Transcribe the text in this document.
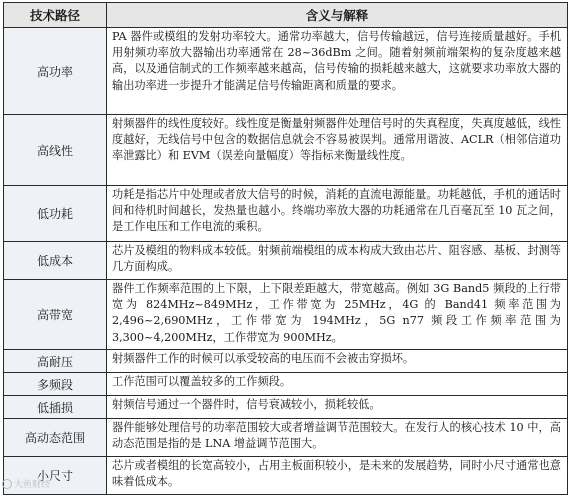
技术路径	含义与解释
高功率	PA 器件或模组的发射功率较大。通常功率越大，信号传输越远，信号连接质量越好。手机用射频功率放大器输出功率通常在 28~36dBm 之间。随着射频前端架构的复杂度越来越高，以及通信制式的工作频率越来越高，信号传输的损耗越来越大，这就要求功率放大器的输出功率进一步提升才能满足信号传输距离和质量的要求。
高线性	射频器件的线性度较好。线性度是衡量射频器件处理信号时的失真程度，失真度越低，线性度越好，无线信号中包含的数据信息就会不容易被误判。通常用谐波、ACLR（相邻信道功率泄露比）和 EVM（误差向量幅度）等指标来衡量线性度。
低功耗	功耗是指芯片中处理或者放大信号的时候，消耗的直流电源能量。功耗越低，手机的通话时间和待机时间越长，发热量也越小。终端功率放大器的功耗通常在几百毫瓦至 10 瓦之间，是工作电压和工作电流的乘积。
低成本	芯片及模组的物料成本较低。射频前端模组的成本构成大致由芯片、阻容感、基板、封测等几方面构成。
高带宽	器件工作频率范围的上下限，上下限差距越大，带宽越高。例如 3G Band5 频段的上行带宽为 824MHz~849MHz，工作带宽为 25MHz，4G 的 Band41 频率范围为 2,496~2,690MHz，工作带宽为 194MHz，5G n77 频段工作频率范围为 3,300~4,200MHz，工作带宽为 900MHz。
高耐压	射频器件工作的时候可以承受较高的电压而不会被击穿损坏。
多频段	工作范围可以覆盖较多的工作频段。
低插损	射频信号通过一个器件时，信号衰减较小，损耗较低。
高动态范围	器件能够处理信号的功率范围较大或者增益调节范围较大。在发行人的核心技术 10 中，高动态范围是指的是 LNA 增益调节范围大。
小尺寸	芯片或者模组的长宽高较小，占用主板面积较小，是未来的发展趋势，同时小尺寸通常也意味着低成本。
大鱼财经
